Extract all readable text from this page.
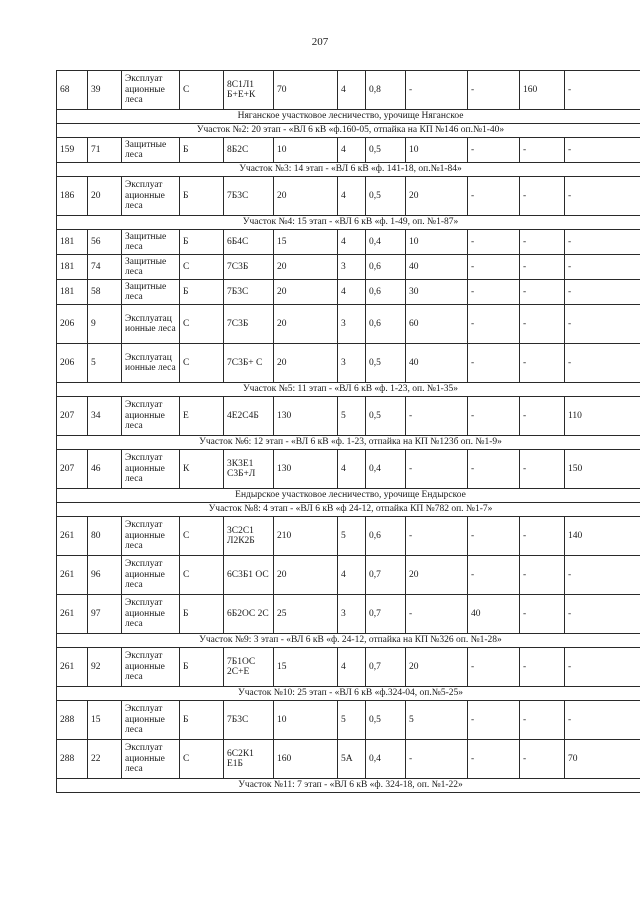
207
68	39	Эксплуат ационные леса	С	8С1Л1 Б+Е+К	70	4	0,8	-	-	160	-
Няганское участковое лесничество, урочище Няганское											
Участок №2: 20 этап - «ВЛ 6 кВ «ф.160-05, отпайка на КП №146 оп.№1-40»											
159	71	Защитные леса	Б	8Б2С	10	4	0,5	10	-	-	-
Участок №3: 14 этап - «ВЛ 6 кВ «ф. 141-18, оп.№1-84»											
186	20	Эксплуат ационные леса	Б	7Б3С	20	4	0,5	20	-	-	-
Участок №4: 15 этап - «ВЛ 6 кВ «ф. 1-49, оп. №1-87»											
181	56	Защитные леса	Б	6Б4С	15	4	0,4	10	-	-	-
181	74	Защитные леса	С	7С3Б	20	3	0,6	40	-	-	-
181	58	Защитные леса	Б	7Б3С	20	4	0,6	30	-	-	-
206	9	Эксплуатац ионные леса	С	7С3Б	20	3	0,6	60	-	-	-
206	5	Эксплуатац ионные леса	С	7С3Б+ С	20	3	0,5	40	-	-	-
Участок №5: 11 этап - «ВЛ 6 кВ «ф. 1-23, оп. №1-35»											
207	34	Эксплуат ационные леса	Е	4Е2С4Б	130	5	0,5	-	-	-	110
Участок №6: 12 этап - «ВЛ 6 кВ «ф. 1-23, отпайка на КП №123б оп. №1-9»											
207	46	Эксплуат ационные леса	К	3К3Е1 С3Б+Л	130	4	0,4	-	-	-	150
Ендырское участковое лесничество, урочище Ендырское											
Участок №8: 4 этап - «ВЛ 6 кВ «ф 24-12, отпайка КП №782 оп. №1-7»											
261	80	Эксплуат ационные леса	С	3С2С1 Л2К2Б	210	5	0,6	-	-	-	140
261	96	Эксплуат ационные леса	С	6С3Б1 ОС	20	4	0,7	20	-	-	-
261	97	Эксплуат ационные леса	Б	6Б2ОС 2С	25	3	0,7	-	40	-	-
Участок №9: 3 этап - «ВЛ 6 кВ «ф. 24-12, отпайка на КП №326 оп. №1-28»											
261	92	Эксплуат ационные леса	Б	7Б1ОС 2С+Е	15	4	0,7	20	-	-	-
Участок №10: 25 этап - «ВЛ 6 кВ «ф.324-04, оп.№5-25»											
288	15	Эксплуат ационные леса	Б	7Б3С	10	5	0,5	5	-	-	-
288	22	Эксплуат ационные леса	С	6С2К1 Е1Б	160	5А	0,4	-	-	-	70
Участок №11: 7 этап - «ВЛ 6 кВ «ф. 324-18, оп. №1-22»											
